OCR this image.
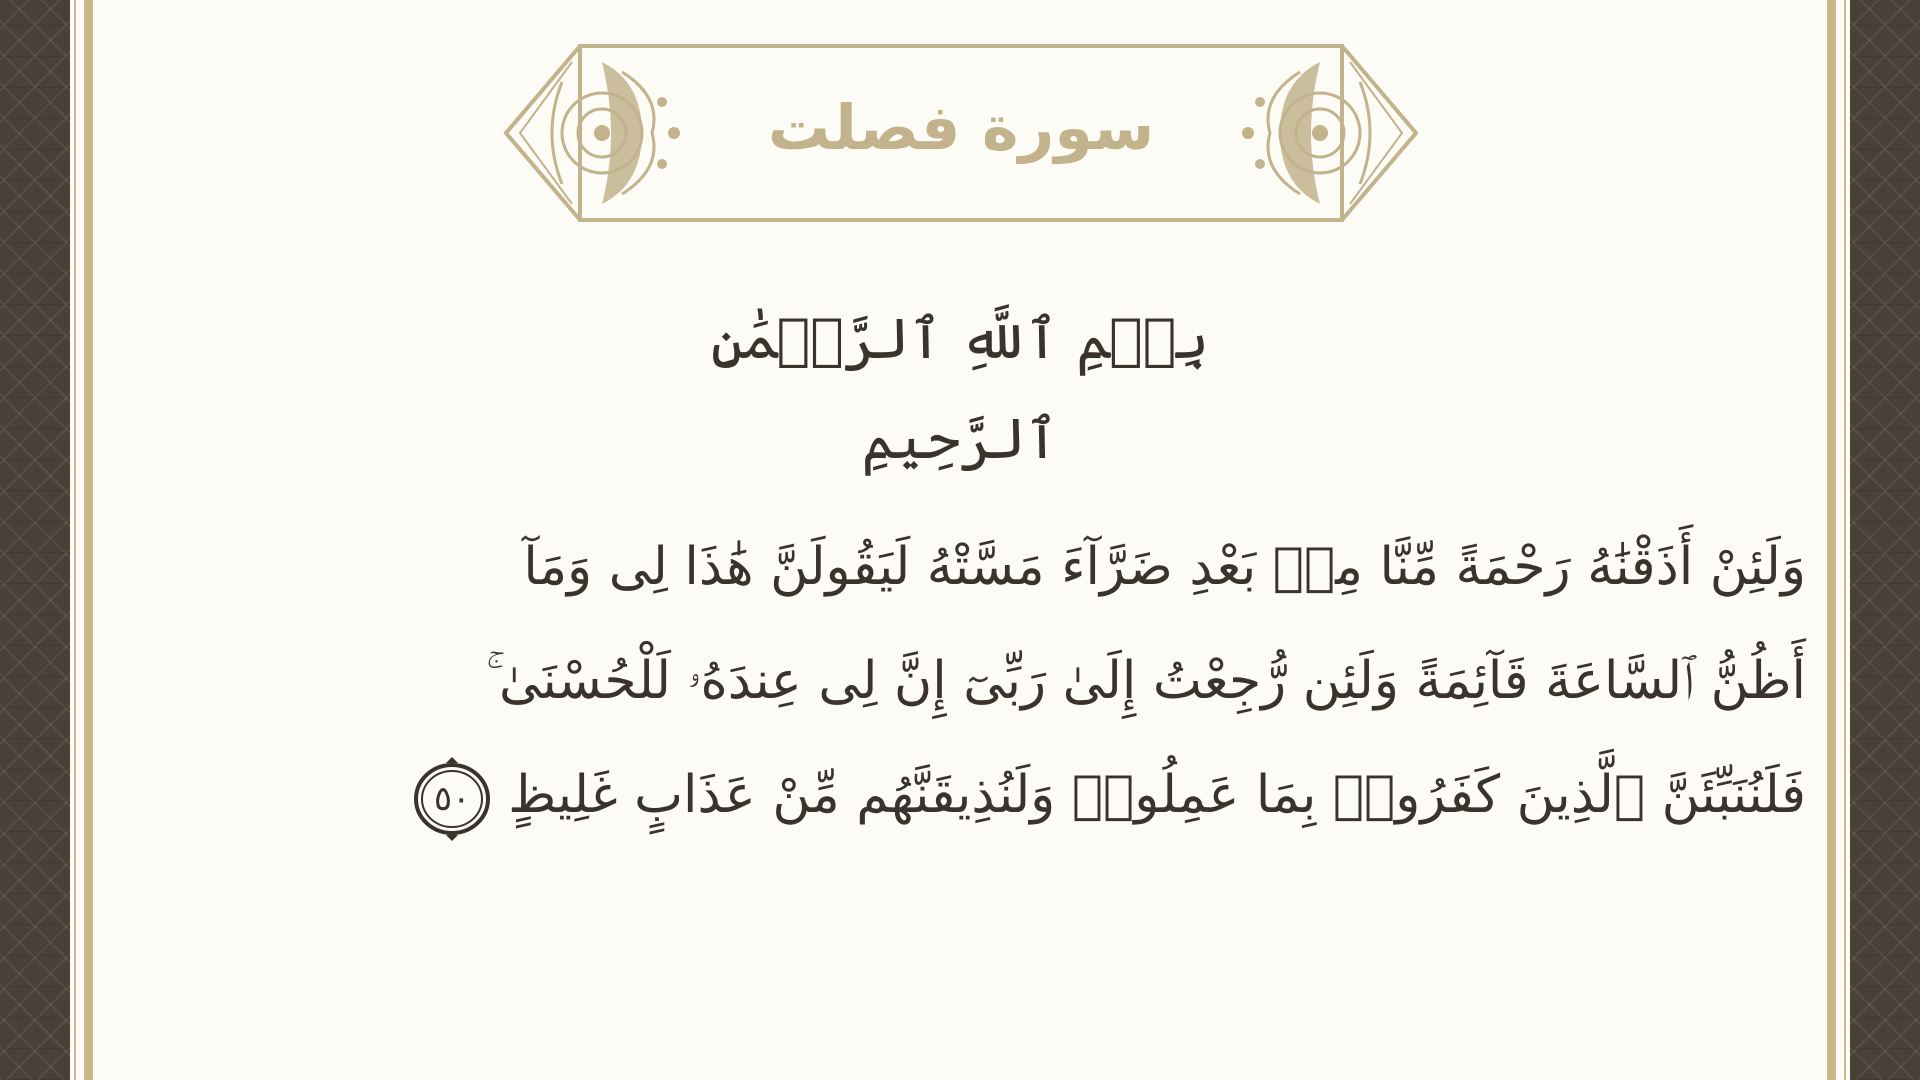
سورة فصلت
بِسۡمِ ٱللَّهِ ٱلرَّحۡمَٰنِ ٱلرَّحِيمِ
وَلَئِنْ أَذَقْنَٰهُ رَحْمَةً مِّنَّا مِنۢ بَعْدِ ضَرَّآءَ مَسَّتْهُ لَيَقُولَنَّ هَٰذَا لِى وَمَآ
أَظُنُّ ٱلسَّاعَةَ قَآئِمَةً وَلَئِن رُّجِعْتُ إِلَىٰ رَبِّىٓ إِنَّ لِى عِندَهُۥ لَلْحُسْنَىٰ ۚ
فَلَنُنَبِّئَنَّ ٱلَّذِينَ كَفَرُوا۟ بِمَا عَمِلُوا۟ وَلَنُذِيقَنَّهُم مِّنْ عَذَابٍ غَلِيظٍ
٥٠
